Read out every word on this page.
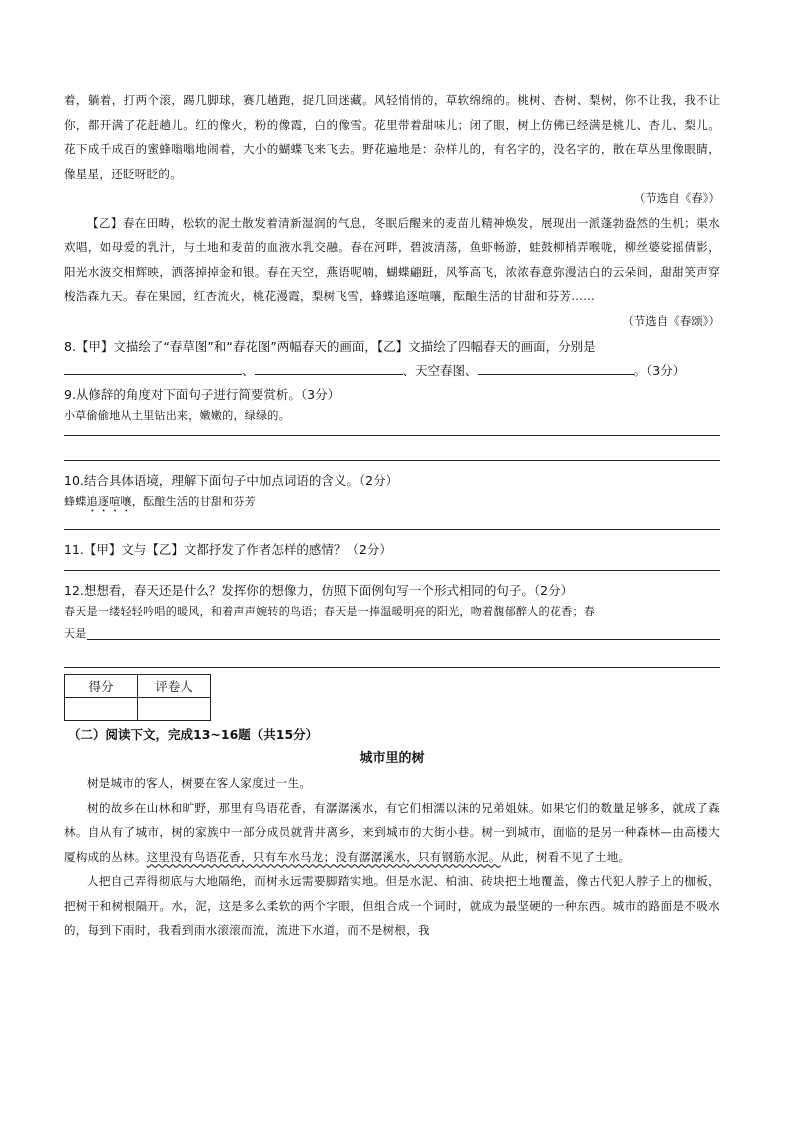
着，躺着，打两个滚，踢几脚球，赛几趟跑，捉几回迷藏。风轻悄悄的，草软绵绵的。桃树、杏树、梨树，你不让我，我不让你，都开满了花赶趟儿。红的像火，粉的像霞，白的像雪。花里带着甜味儿；闭了眼，树上仿佛已经满是桃儿、杏儿、梨儿。花下成千成百的蜜蜂嗡嗡地闹着，大小的蝴蝶飞来飞去。野花遍地是：杂样儿的，有名字的，没名字的，散在草丛里像眼睛，像星星，还眨呀眨的。

（节选自《春》）

【乙】春在田畴，松软的泥土散发着清新湿润的气息，冬眠后醒来的麦苗儿精神焕发，展现出一派蓬勃盎然的生机；渠水欢唱，如母爱的乳汁，与土地和麦苗的血液水乳交融。春在河畔，碧波清荡，鱼虾畅游，蛙鼓柳梢弄喉咙，柳丝婆娑摇倩影，阳光水波交相辉映，洒落掉掉金和银。春在天空，燕语呢喃，蝴蝶翩跹，风筝高飞，浓浓春意弥漫洁白的云朵间，甜甜笑声穿梭浩森九天。春在果园，红杏流火，桃花漫霞，梨树飞雪，蜂蝶追逐喧嚷，酝酿生活的甘甜和芬芳……

（节选自《春颂》）

8.【甲】文描绘了“春草图”和“春花图”两幅春天的画面，【乙】文描绘了四幅春天的画面，分别是
、	、天空春图、	。（3分）

9.从修辞的角度对下面句子进行简要赏析。（3分）

小草偷偷地从土里钻出来，嫩嫩的，绿绿的。

10.结合具体语境，理解下面句子中加点词语的含义。（2分）

蜂蝶追逐喧嚷，酝酿生活的甘甜和芬芳

11.【甲】文与【乙】文都抒发了作者怎样的感情？（2分）

12.想想看，春天还是什么？发挥你的想像力，仿照下面例句写一个形式相同的句子。（2分）

春天是一缕轻轻吟唱的暖风，和着声声婉转的鸟语；春天是一捧温暖明亮的阳光，吻着馥郁醉人的花香；春

天是
得分	评卷人

（二）阅读下文，完成13~16题（共15分）

城市里的树

树是城市的客人，树要在客人家度过一生。

树的故乡在山林和旷野，那里有鸟语花香，有潺潺溪水，有它们相濡以沫的兄弟姐妹。如果它们的数量足够多，就成了森林。自从有了城市，树的家族中一部分成员就背井离乡，来到城市的大街小巷。树一到城市，面临的是另一种森林—由高楼大厦构成的丛林。这里没有鸟语花香，只有车水马龙；没有潺潺溪水，只有钢筋水泥。从此，树看不见了土地。

人把自己弄得彻底与大地隔绝，而树永远需要脚踏实地。但是水泥、柏油、砖块把土地覆盖，像古代犯人脖子上的枷板，把树干和树根隔开。水，泥，这是多么柔软的两个字眼，但组合成一个词时，就成为最坚硬的一种东西。城市的路面是不吸水的，每到下雨时，我看到雨水滚滚而流，流进下水道，而不是树根，我
